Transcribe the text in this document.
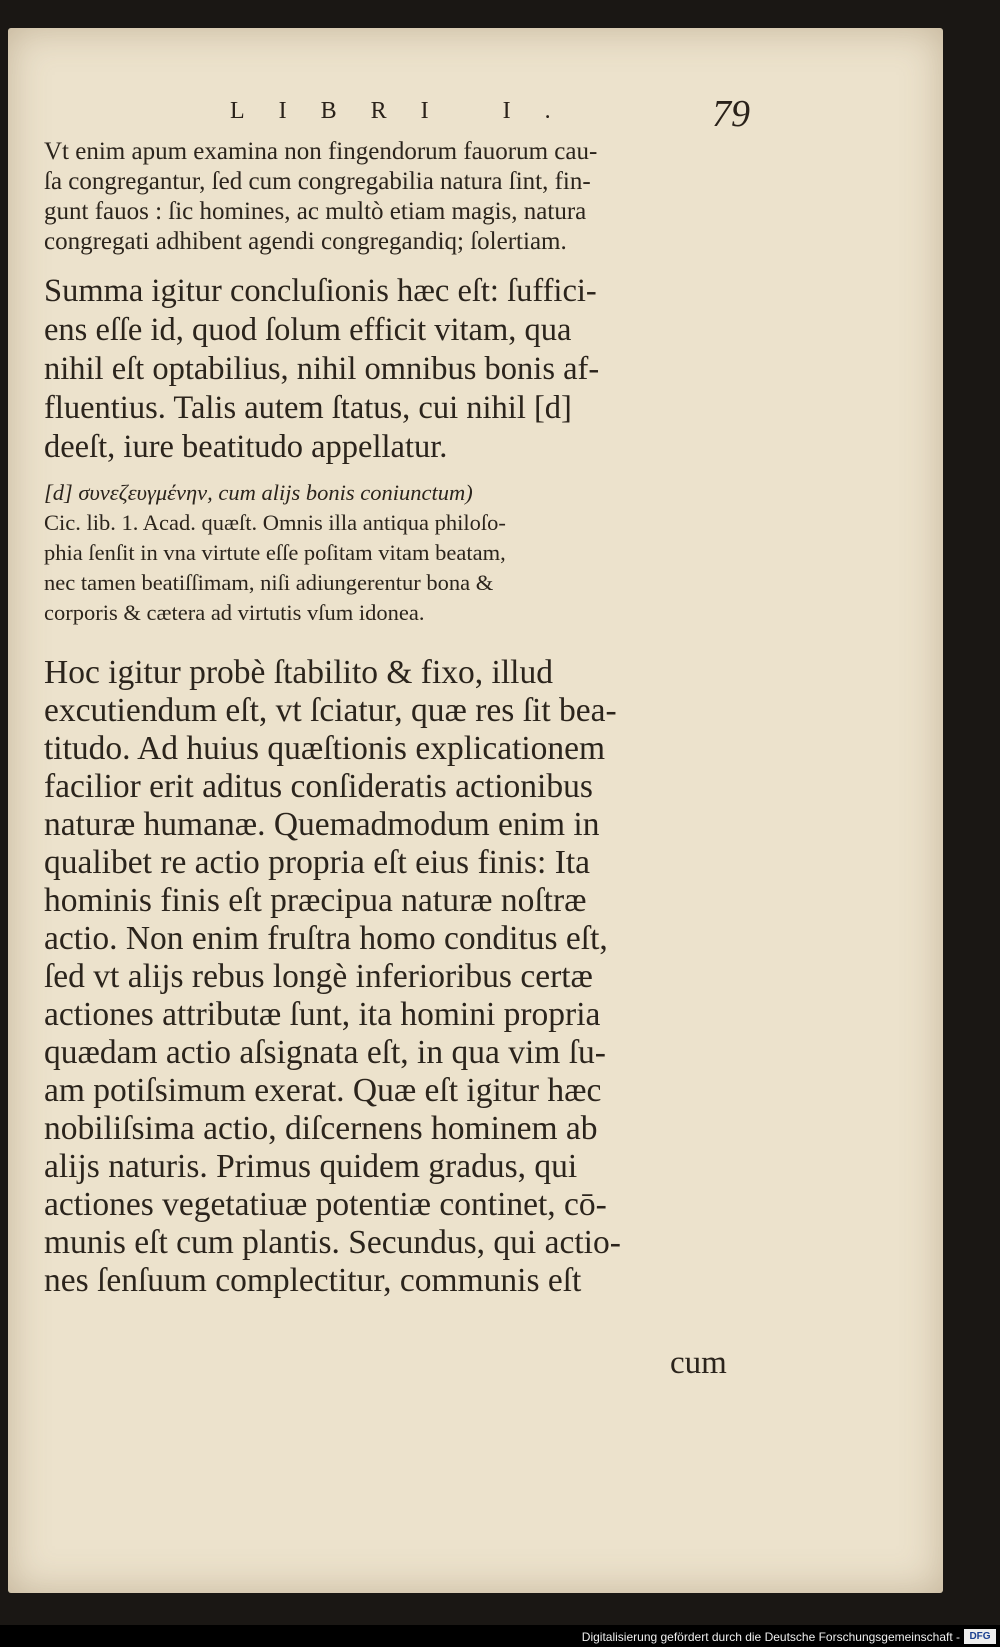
LIBRI I.	79
Vt enim apum examina non fingendorum fauorum cau-
ſa congregantur, ſed cum congregabilia natura ſint, fin-
gunt fauos : ſic homines, ac multò etiam magis, natura
congregati adhibent agendi congregandiq; ſolertiam.
Summa igitur concluſionis hæc eſt: ſuffici-
ens eſſe id, quod ſolum efficit vitam, qua
nihil eſt optabilius, nihil omnibus bonis af-
fluentius. Talis autem ſtatus, cui nihil [d]
deeſt, iure beatitudo appellatur.
[d] συνεζευγμένην, cum alijs bonis coniunctum)
Cic. lib. 1. Acad. quæſt. Omnis illa antiqua philoſo-
phia ſenſit in vna virtute eſſe poſitam vitam beatam,
nec tamen beatiſſimam, niſi adiungerentur bona &
corporis & cætera ad virtutis vſum idonea.
Hoc igitur probè ſtabilito & fixo, illud
excutiendum eſt, vt ſciatur, quæ res ſit bea-
titudo. Ad huius quæſtionis explicationem
facilior erit aditus conſideratis actionibus
naturæ humanæ. Quemadmodum enim in
qualibet re actio propria eſt eius finis: Ita
hominis finis eſt præcipua naturæ noſtræ
actio. Non enim fruſtra homo conditus eſt,
ſed vt alijs rebus longè inferioribus certæ
actiones attributæ ſunt, ita homini propria
quædam actio aſsignata eſt, in qua vim ſu-
am potiſsimum exerat. Quæ eſt igitur hæc
nobiliſsima actio, diſcernens hominem ab
alijs naturis. Primus quidem gradus, qui
actiones vegetatiuæ potentiæ continet, cō-
munis eſt cum plantis. Secundus, qui actio-
nes ſenſuum complectitur, communis eſt
cum
Digitalisierung gefördert durch die Deutsche Forschungsgemeinschaft - DFG
